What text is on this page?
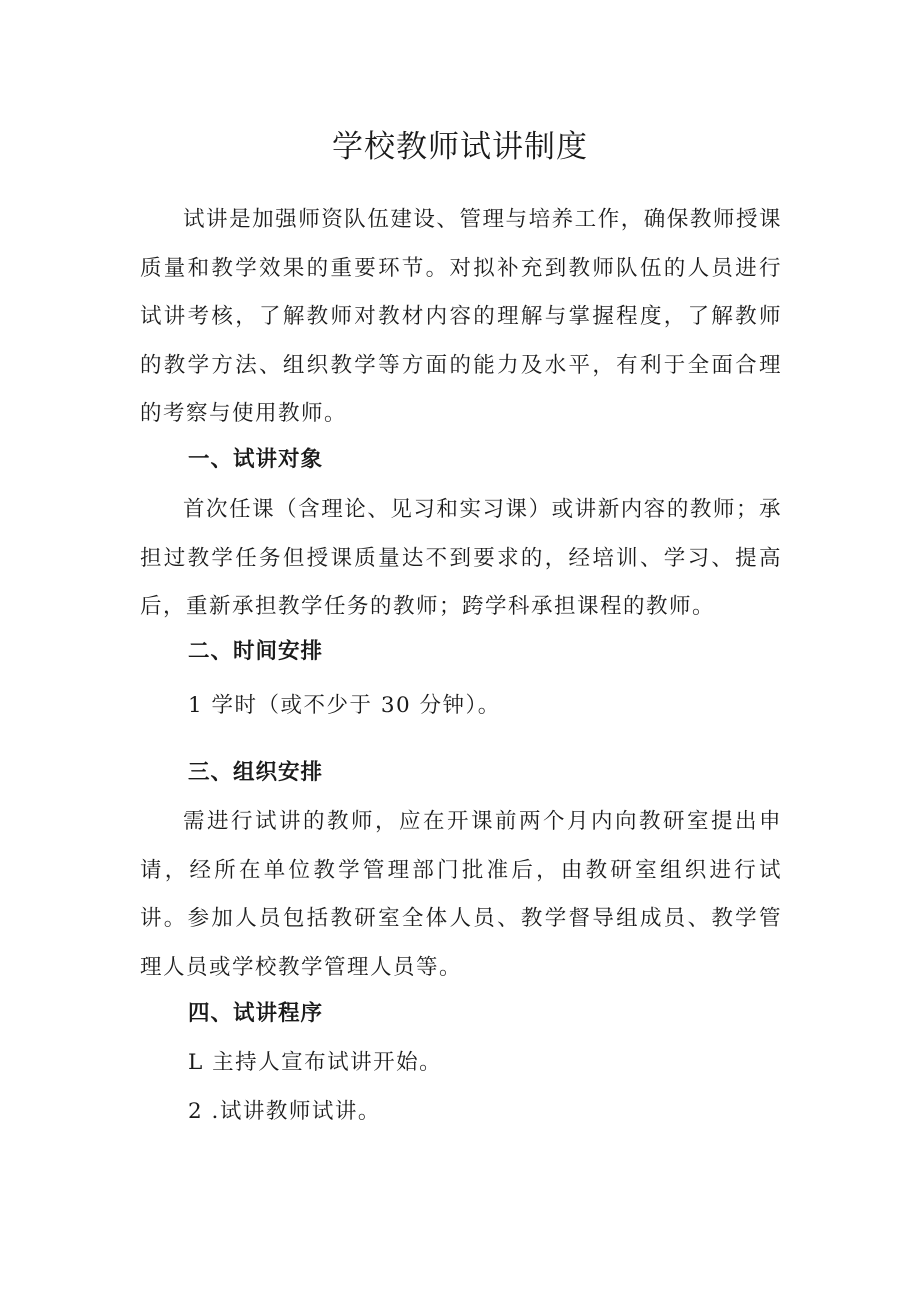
学校教师试讲制度

试讲是加强师资队伍建设、管理与培养工作，确保教师授课质量和教学效果的重要环节。对拟补充到教师队伍的人员进行试讲考核，了解教师对教材内容的理解与掌握程度，了解教师的教学方法、组织教学等方面的能力及水平，有利于全面合理的考察与使用教师。

一、试讲对象

首次任课（含理论、见习和实习课）或讲新内容的教师；承担过教学任务但授课质量达不到要求的，经培训、学习、提高后，重新承担教学任务的教师；跨学科承担课程的教师。

二、时间安排

1 学时（或不少于 30 分钟）。

三、组织安排

需进行试讲的教师，应在开课前两个月内向教研室提出申请，经所在单位教学管理部门批准后，由教研室组织进行试讲。参加人员包括教研室全体人员、教学督导组成员、教学管理人员或学校教学管理人员等。

四、试讲程序

L 主持人宣布试讲开始。

2 .试讲教师试讲。
